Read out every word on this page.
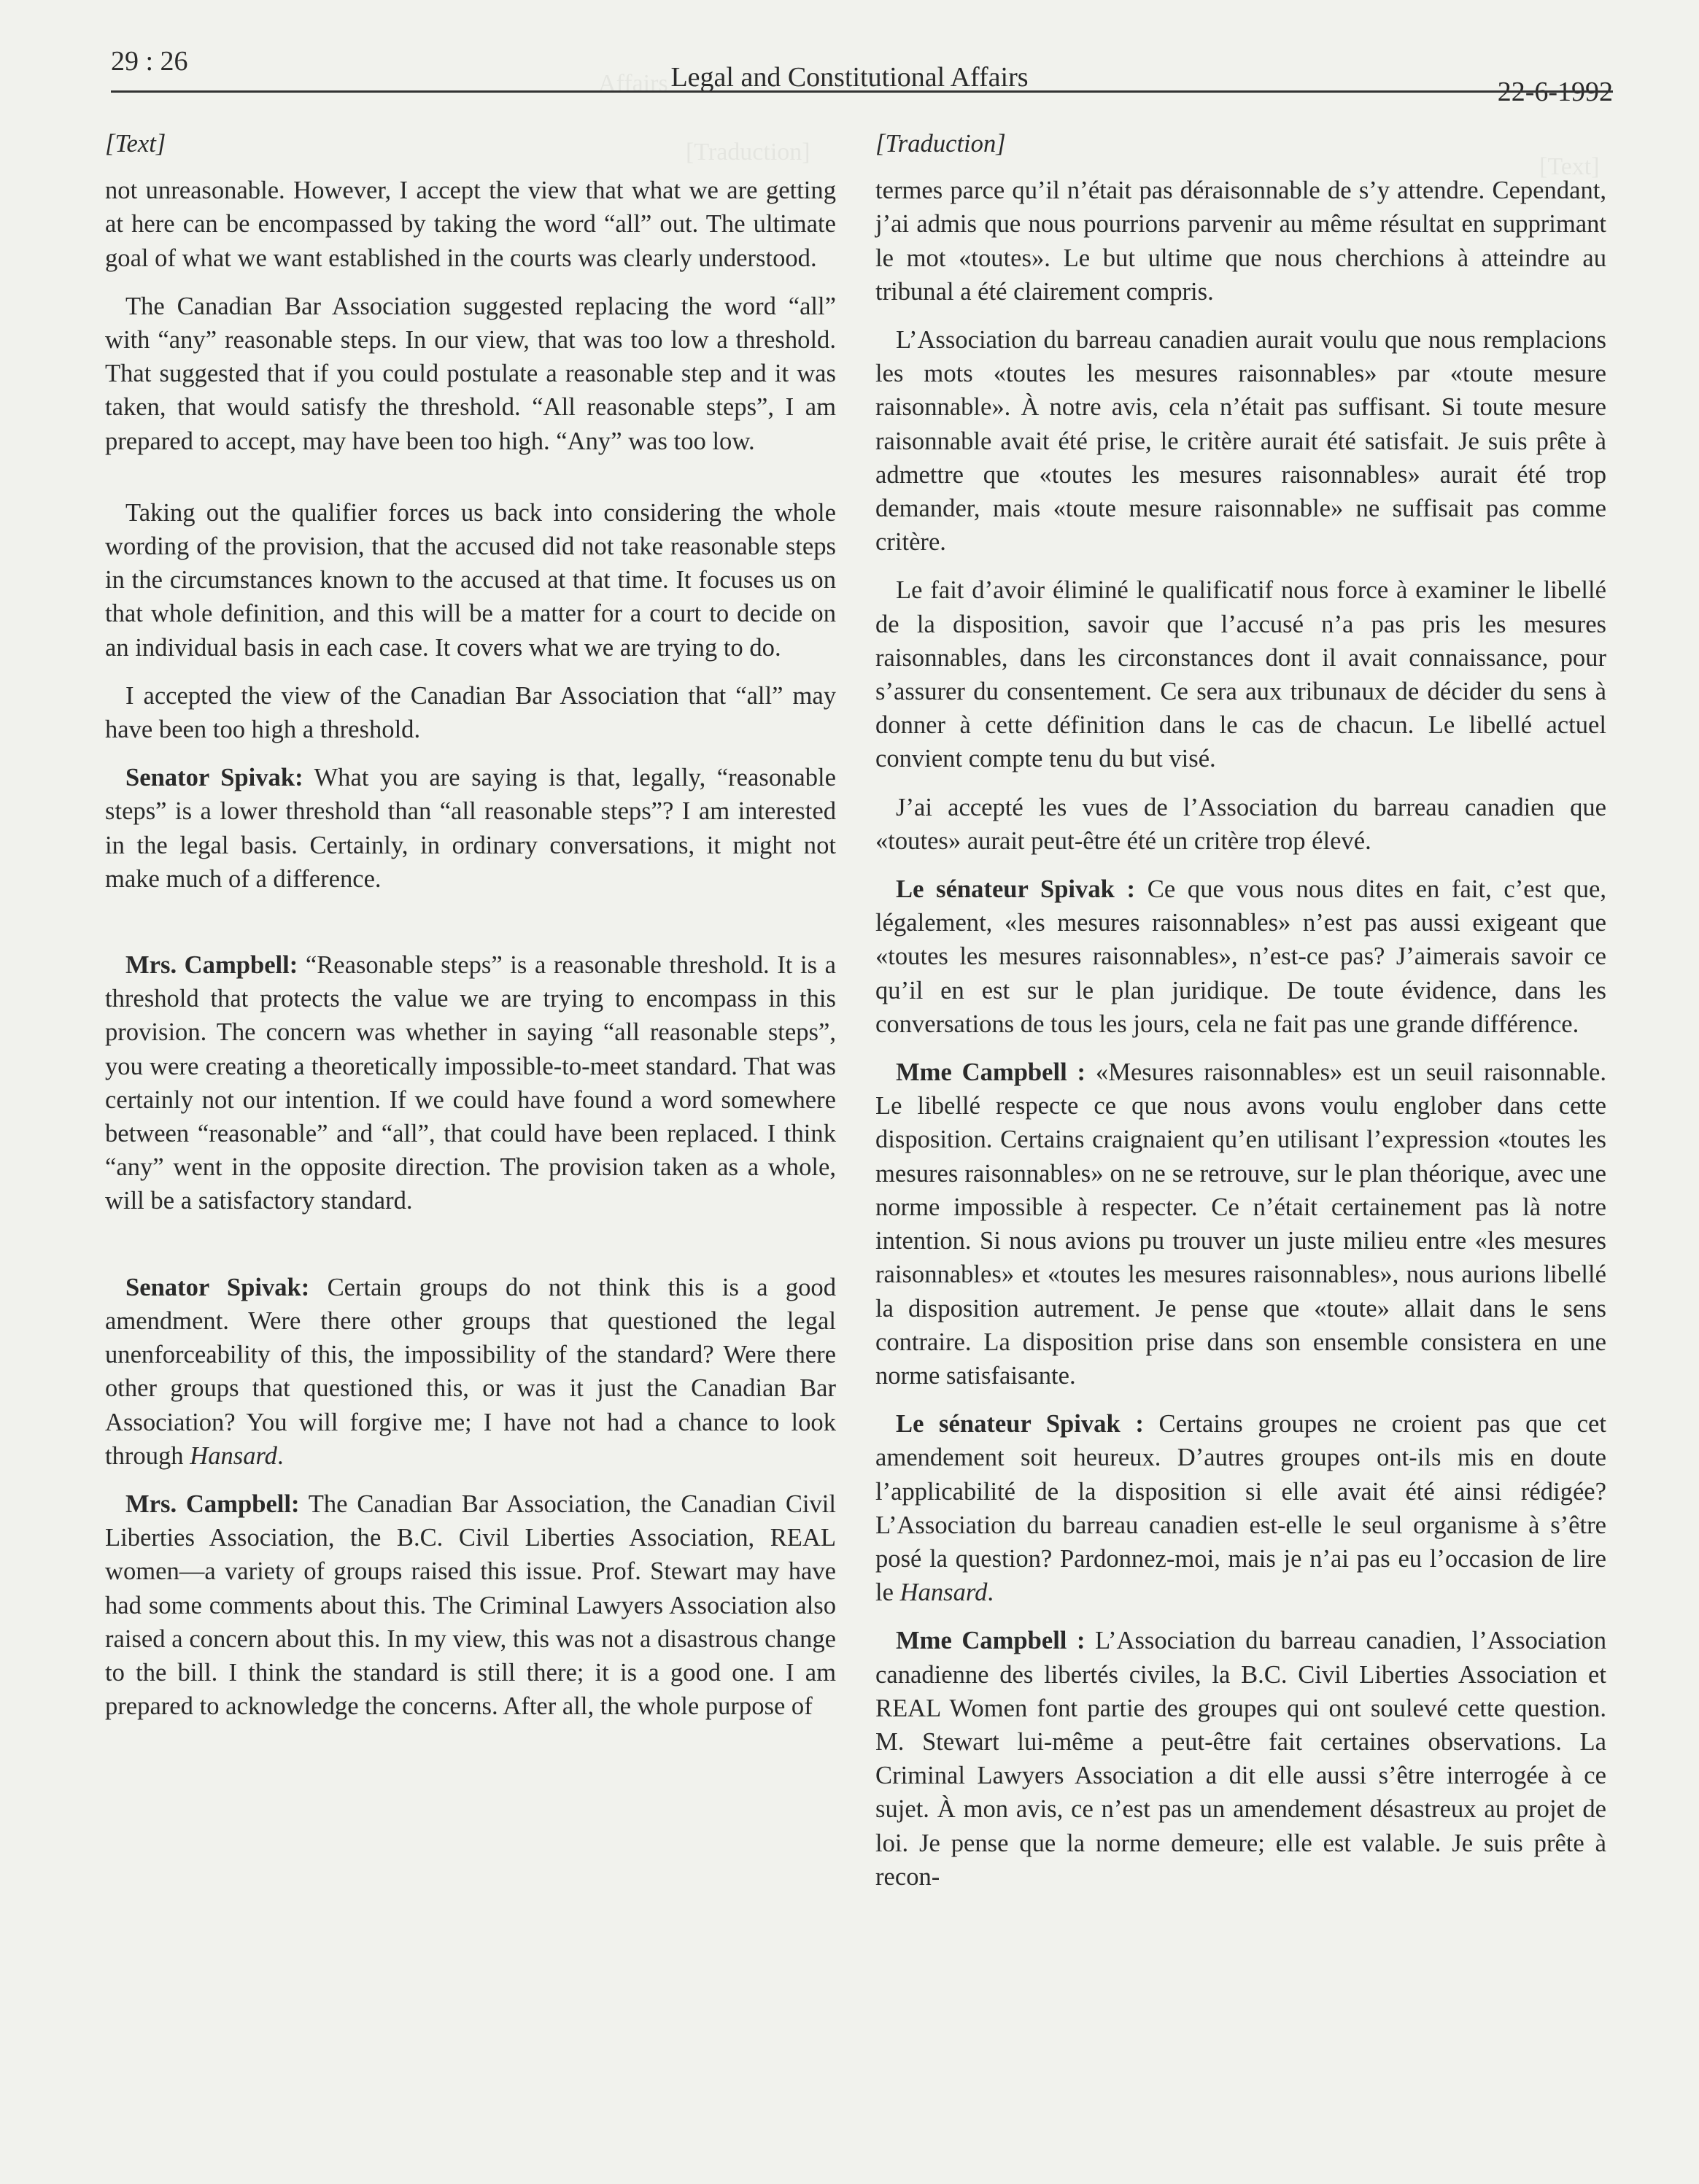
Affairs
[Traduction]
[Text]
29 : 26
Legal and Constitutional Affairs	22-6-1992
[Text]

not unreasonable. However, I accept the view that what we are getting at here can be encompassed by taking the word “all” out. The ultimate goal of what we want established in the courts was clearly understood.

The Canadian Bar Association suggested replacing the word “all” with “any” reasonable steps. In our view, that was too low a threshold. That suggested that if you could postulate a reasonable step and it was taken, that would satisfy the threshold. “All reasonable steps”, I am prepared to accept, may have been too high. “Any” was too low.

Taking out the qualifier forces us back into considering the whole wording of the provision, that the accused did not take reasonable steps in the circumstances known to the accused at that time. It focuses us on that whole definition, and this will be a matter for a court to decide on an individual basis in each case. It covers what we are trying to do.

I accepted the view of the Canadian Bar Association that “all” may have been too high a threshold.

Senator Spivak: What you are saying is that, legally, “reasonable steps” is a lower threshold than “all reasonable steps”? I am interested in the legal basis. Certainly, in ordinary conversations, it might not make much of a difference.

Mrs. Campbell: “Reasonable steps” is a reasonable threshold. It is a threshold that protects the value we are trying to encompass in this provision. The concern was whether in saying “all reasonable steps”, you were creating a theoretically impossible-to-meet standard. That was certainly not our intention. If we could have found a word somewhere between “reasonable” and “all”, that could have been replaced. I think “any” went in the opposite direction. The provision taken as a whole, will be a satisfactory standard.

Senator Spivak: Certain groups do not think this is a good amendment. Were there other groups that questioned the legal unenforceability of this, the impossibility of the standard? Were there other groups that questioned this, or was it just the Canadian Bar Association? You will forgive me; I have not had a chance to look through Hansard.

Mrs. Campbell: The Canadian Bar Association, the Canadian Civil Liberties Association, the B.C. Civil Liberties Association, REAL women—a variety of groups raised this issue. Prof. Stewart may have had some comments about this. The Criminal Lawyers Association also raised a concern about this. In my view, this was not a disastrous change to the bill. I think the standard is still there; it is a good one. I am prepared to acknowledge the concerns. After all, the whole purpose of

[Traduction]

termes parce qu’il n’était pas déraisonnable de s’y attendre. Cependant, j’ai admis que nous pourrions parvenir au même résultat en supprimant le mot «toutes». Le but ultime que nous cherchions à atteindre au tribunal a été clairement compris.

L’Association du barreau canadien aurait voulu que nous remplacions les mots «toutes les mesures raisonnables» par «toute mesure raisonnable». À notre avis, cela n’était pas suffisant. Si toute mesure raisonnable avait été prise, le critère aurait été satisfait. Je suis prête à admettre que «toutes les mesures raisonnables» aurait été trop demander, mais «toute mesure raisonnable» ne suffisait pas comme critère.

Le fait d’avoir éliminé le qualificatif nous force à examiner le libellé de la disposition, savoir que l’accusé n’a pas pris les mesures raisonnables, dans les circonstances dont il avait connaissance, pour s’assurer du consentement. Ce sera aux tribunaux de décider du sens à donner à cette définition dans le cas de chacun. Le libellé actuel convient compte tenu du but visé.

J’ai accepté les vues de l’Association du barreau canadien que «toutes» aurait peut-être été un critère trop élevé.

Le sénateur Spivak : Ce que vous nous dites en fait, c’est que, légalement, «les mesures raisonnables» n’est pas aussi exigeant que «toutes les mesures raisonnables», n’est-ce pas? J’aimerais savoir ce qu’il en est sur le plan juridique. De toute évidence, dans les conversations de tous les jours, cela ne fait pas une grande différence.

Mme Campbell : «Mesures raisonnables» est un seuil raisonnable. Le libellé respecte ce que nous avons voulu englober dans cette disposition. Certains craignaient qu’en utilisant l’expression «toutes les mesures raisonnables» on ne se retrouve, sur le plan théorique, avec une norme impossible à respecter. Ce n’était certainement pas là notre intention. Si nous avions pu trouver un juste milieu entre «les mesures raisonnables» et «toutes les mesures raisonnables», nous aurions libellé la disposition autrement. Je pense que «toute» allait dans le sens contraire. La disposition prise dans son ensemble consistera en une norme satisfaisante.

Le sénateur Spivak : Certains groupes ne croient pas que cet amendement soit heureux. D’autres groupes ont-ils mis en doute l’applicabilité de la disposition si elle avait été ainsi rédigée? L’Association du barreau canadien est-elle le seul organisme à s’être posé la question? Pardonnez-moi, mais je n’ai pas eu l’occasion de lire le Hansard.

Mme Campbell : L’Association du barreau canadien, l’Association canadienne des libertés civiles, la B.C. Civil Liberties Association et REAL Women font partie des groupes qui ont soulevé cette question. M. Stewart lui-même a peut-être fait certaines observations. La Criminal Lawyers Association a dit elle aussi s’être interrogée à ce sujet. À mon avis, ce n’est pas un amendement désastreux au projet de loi. Je pense que la norme demeure; elle est valable. Je suis prête à recon-
